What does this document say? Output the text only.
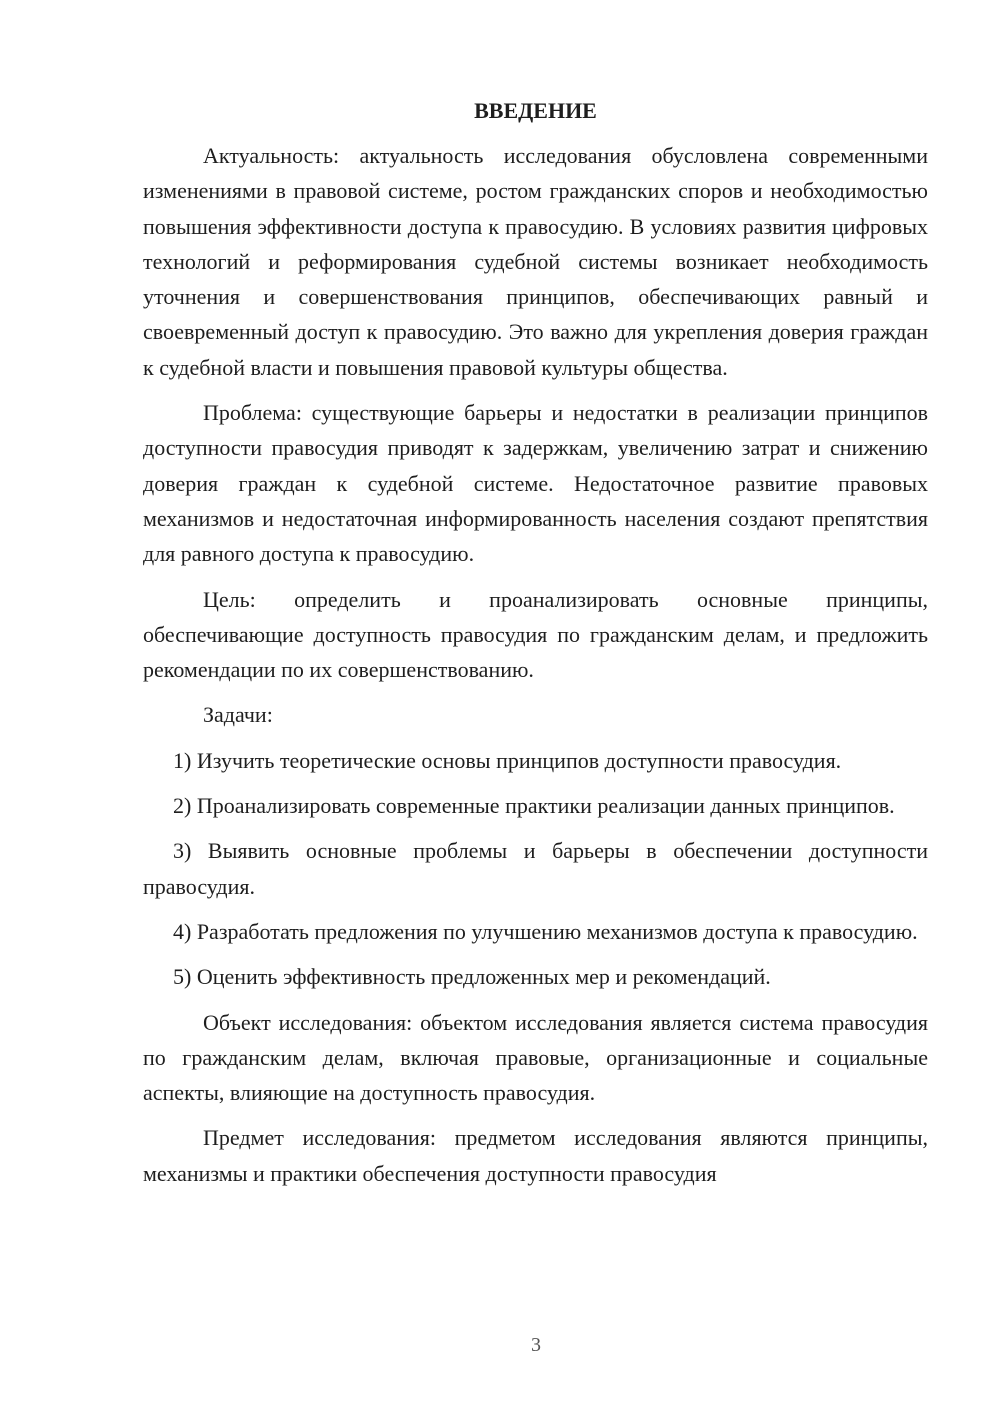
ВВЕДЕНИЕ

Актуальность: актуальность исследования обусловлена современными изменениями в правовой системе, ростом гражданских споров и необходимостью повышения эффективности доступа к правосудию. В условиях развития цифровых технологий и реформирования судебной системы возникает необходимость уточнения и совершенствования принципов, обеспечивающих равный и своевременный доступ к правосудию. Это важно для укрепления доверия граждан к судебной власти и повышения правовой культуры общества.

Проблема: существующие барьеры и недостатки в реализации принципов доступности правосудия приводят к задержкам, увеличению затрат и снижению доверия граждан к судебной системе. Недостаточное развитие правовых механизмов и недостаточная информированность населения создают препятствия для равного доступа к правосудию.

Цель: определить и проанализировать основные принципы, обеспечивающие доступность правосудия по гражданским делам, и предложить рекомендации по их совершенствованию.

Задачи:

1) Изучить теоретические основы принципов доступности правосудия.

2) Проанализировать современные практики реализации данных принципов.

3) Выявить основные проблемы и барьеры в обеспечении доступности правосудия.

4) Разработать предложения по улучшению механизмов доступа к правосудию.

5) Оценить эффективность предложенных мер и рекомендаций.

Объект исследования: объектом исследования является система правосудия по гражданским делам, включая правовые, организационные и социальные аспекты, влияющие на доступность правосудия.

Предмет исследования: предметом исследования являются принципы, механизмы и практики обеспечения доступности правосудия

3
